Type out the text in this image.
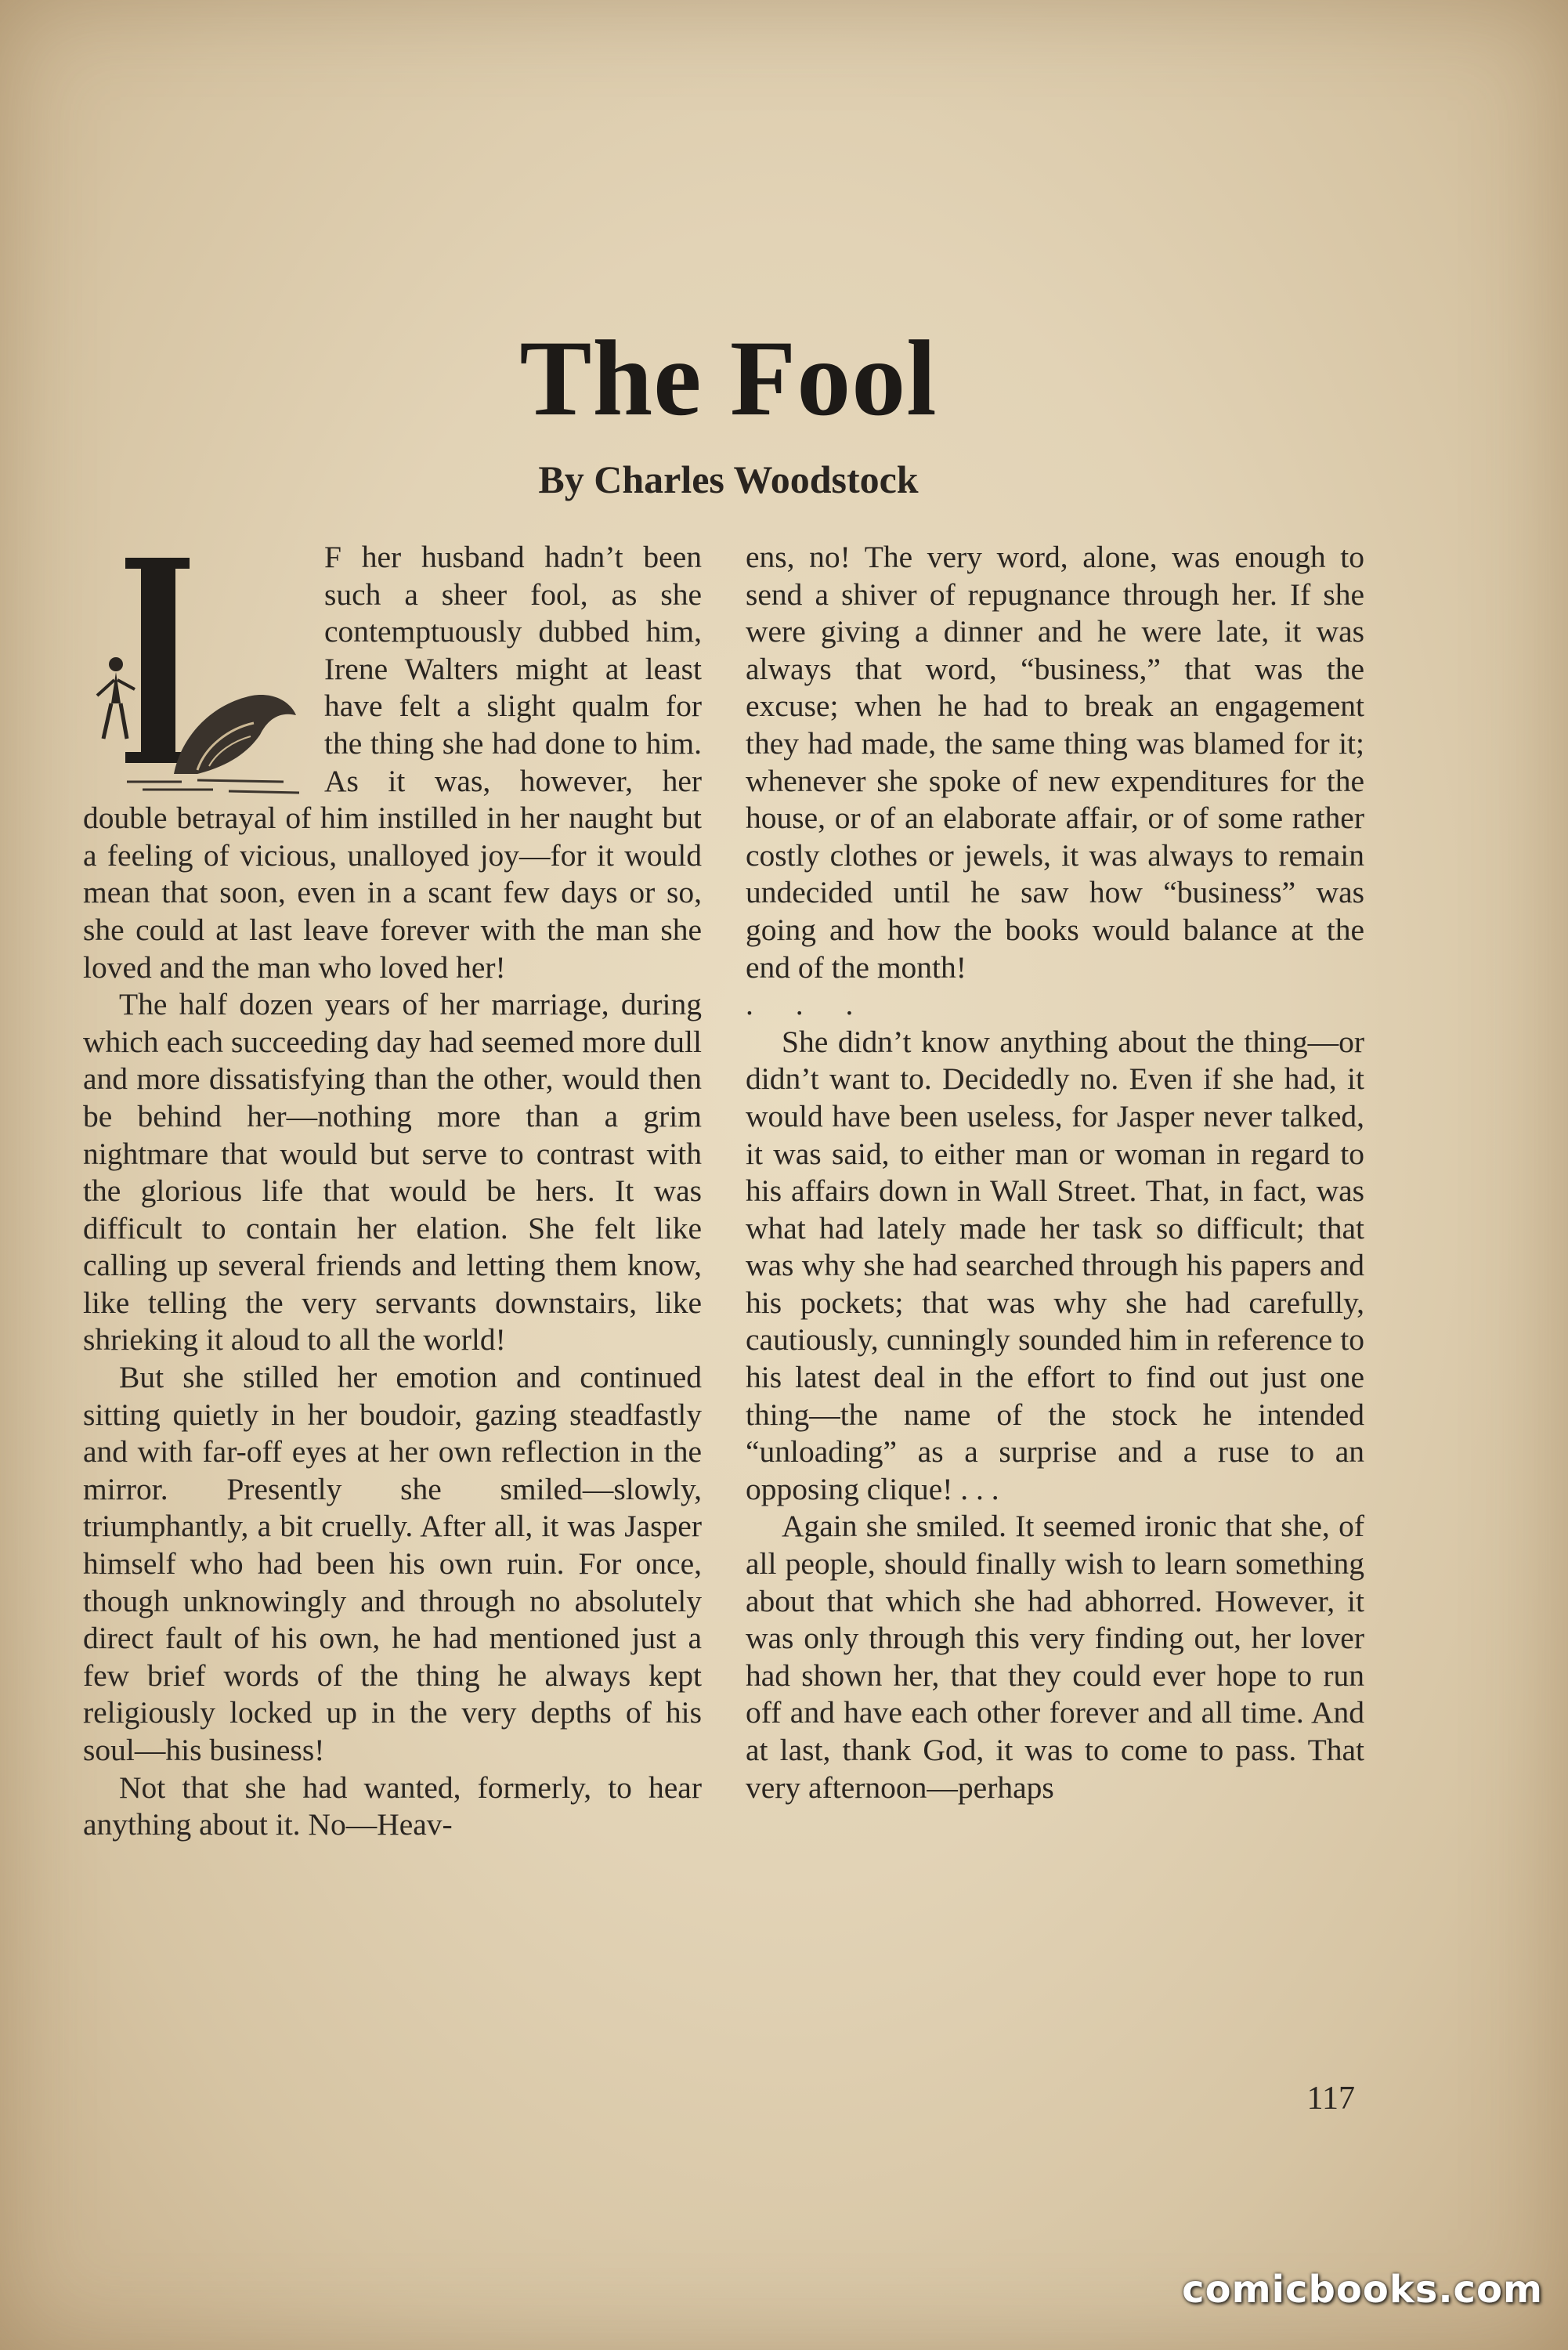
The Fool
By Charles Woodstock

F her husband hadn’t been such a sheer fool, as she contemptuously dubbed him, Irene Walters might at least have felt a slight qualm for the thing she had done to him. As it was, however, her double betrayal of him instilled in her naught but a feeling of vicious, unalloyed joy—for it would mean that soon, even in a scant few days or so, she could at last leave forever with the man she loved and the man who loved her!

The half dozen years of her marriage, during which each succeeding day had seemed more dull and more dissatisfying than the other, would then be behind her—nothing more than a grim nightmare that would but serve to contrast with the glorious life that would be hers. It was difficult to contain her elation. She felt like calling up several friends and letting them know, like telling the very servants downstairs, like shrieking it aloud to all the world!

But she stilled her emotion and continued sitting quietly in her boudoir, gazing steadfastly and with far-off eyes at her own reflection in the mirror. Presently she smiled—slowly, triumphantly, a bit cruelly. After all, it was Jasper himself who had been his own ruin. For once, though unknowingly and through no absolutely direct fault of his own, he had mentioned just a few brief words of the thing he always kept religiously locked up in the very depths of his soul—his business!

Not that she had wanted, formerly, to hear anything about it. No—Heav-

ens, no! The very word, alone, was enough to send a shiver of repugnance through her. If she were giving a dinner and he were late, it was always that word, “business,” that was the excuse; when he had to break an engagement they had made, the same thing was blamed for it; whenever she spoke of new expenditures for the house, or of an elaborate affair, or of some rather costly clothes or jewels, it was always to remain undecided until he saw how “business” was going and how the books would balance at the end of the month!

. . .

She didn’t know anything about the thing—or didn’t want to. Decidedly no. Even if she had, it would have been useless, for Jasper never talked, it was said, to either man or woman in regard to his affairs down in Wall Street. That, in fact, was what had lately made her task so difficult; that was why she had searched through his papers and his pockets; that was why she had carefully, cautiously, cunningly sounded him in reference to his latest deal in the effort to find out just one thing—the name of the stock he intended “unloading” as a surprise and a ruse to an opposing clique! . . .

Again she smiled. It seemed ironic that she, of all people, should finally wish to learn something about that which she had abhorred. However, it was only through this very finding out, her lover had shown her, that they could ever hope to run off and have each other forever and all time. And at last, thank God, it was to come to pass. That very afternoon—perhaps

117
comicbooks.com
